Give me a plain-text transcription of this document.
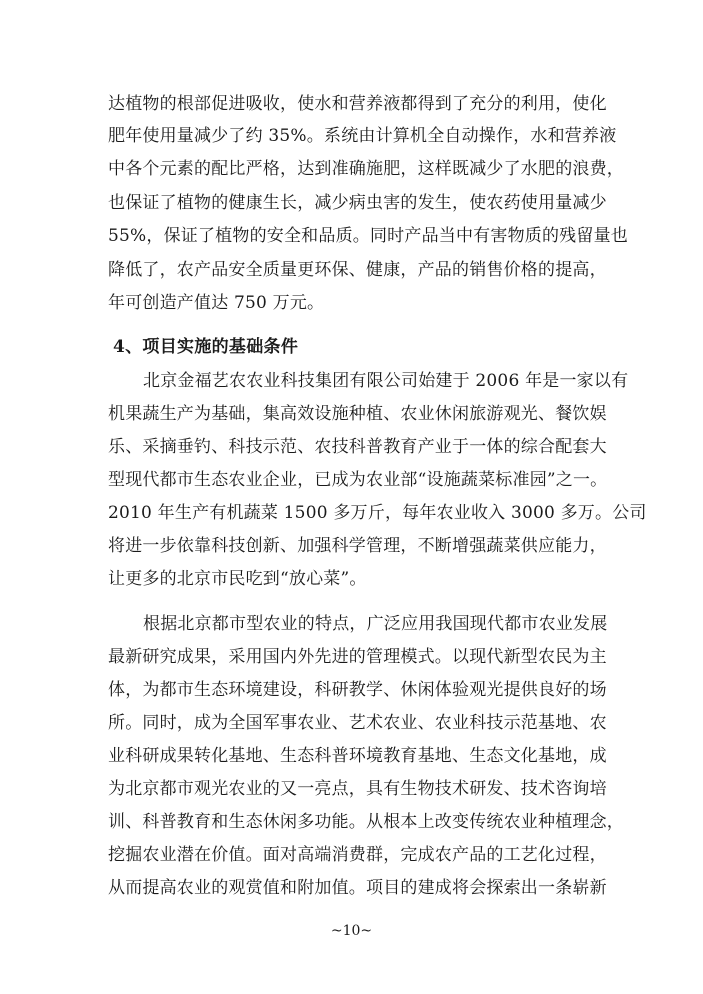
达植物的根部促进吸收，使水和营养液都得到了充分的利用，使化
肥年使用量减少了约 35%。系统由计算机全自动操作，水和营养液
中各个元素的配比严格，达到准确施肥，这样既减少了水肥的浪费，
也保证了植物的健康生长，减少病虫害的发生，使农药使用量减少
55%，保证了植物的安全和品质。同时产品当中有害物质的残留量也
降低了，农产品安全质量更环保、健康，产品的销售价格的提高，
年可创造产值达 750 万元。
4、项目实施的基础条件
北京金福艺农农业科技集团有限公司始建于 2006 年是一家以有
机果蔬生产为基础，集高效设施种植、农业休闲旅游观光、餐饮娱
乐、采摘垂钓、科技示范、农技科普教育产业于一体的综合配套大
型现代都市生态农业企业，已成为农业部“设施蔬菜标准园”之一。
2010 年生产有机蔬菜 1500 多万斤，每年农业收入 3000 多万。公司
将进一步依靠科技创新、加强科学管理，不断增强蔬菜供应能力，
让更多的北京市民吃到“放心菜”。
根据北京都市型农业的特点，广泛应用我国现代都市农业发展
最新研究成果，采用国内外先进的管理模式。以现代新型农民为主
体，为都市生态环境建设，科研教学、休闲体验观光提供良好的场
所。同时，成为全国军事农业、艺术农业、农业科技示范基地、农
业科研成果转化基地、生态科普环境教育基地、生态文化基地，成
为北京都市观光农业的又一亮点，具有生物技术研发、技术咨询培
训、科普教育和生态休闲多功能。从根本上改变传统农业种植理念，
挖掘农业潜在价值。面对高端消费群，完成农产品的工艺化过程，
从而提高农业的观赏值和附加值。项目的建成将会探索出一条崭新
~10~
